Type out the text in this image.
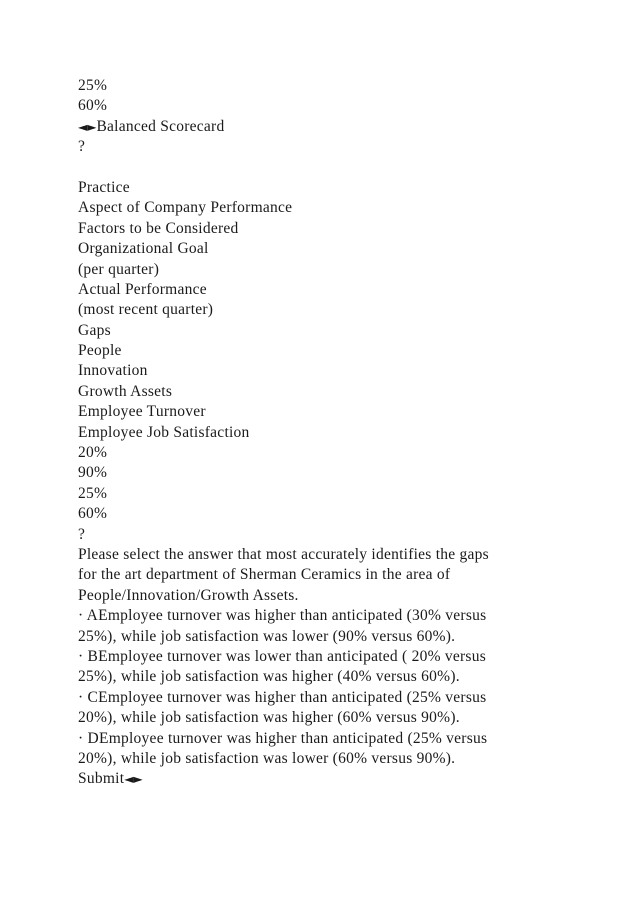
25%
60%
◄►Balanced Scorecard
?
Practice
Aspect of Company Performance
Factors to be Considered
Organizational Goal
(per quarter)
Actual Performance
(most recent quarter)
Gaps
People
Innovation
Growth Assets
Employee Turnover
Employee Job Satisfaction
20%
90%
25%
60%
?
Please select the answer that most accurately identifies the gaps
for the art department of Sherman Ceramics in the area of
People/Innovation/Growth Assets.
· AEmployee turnover was higher than anticipated (30% versus
25%), while job satisfaction was lower (90% versus 60%).
· BEmployee turnover was lower than anticipated ( 20% versus
25%), while job satisfaction was higher (40% versus 60%).
· CEmployee turnover was higher than anticipated (25% versus
20%), while job satisfaction was higher (60% versus 90%).
· DEmployee turnover was higher than anticipated (25% versus
20%), while job satisfaction was lower (60% versus 90%).
Submit◄►
